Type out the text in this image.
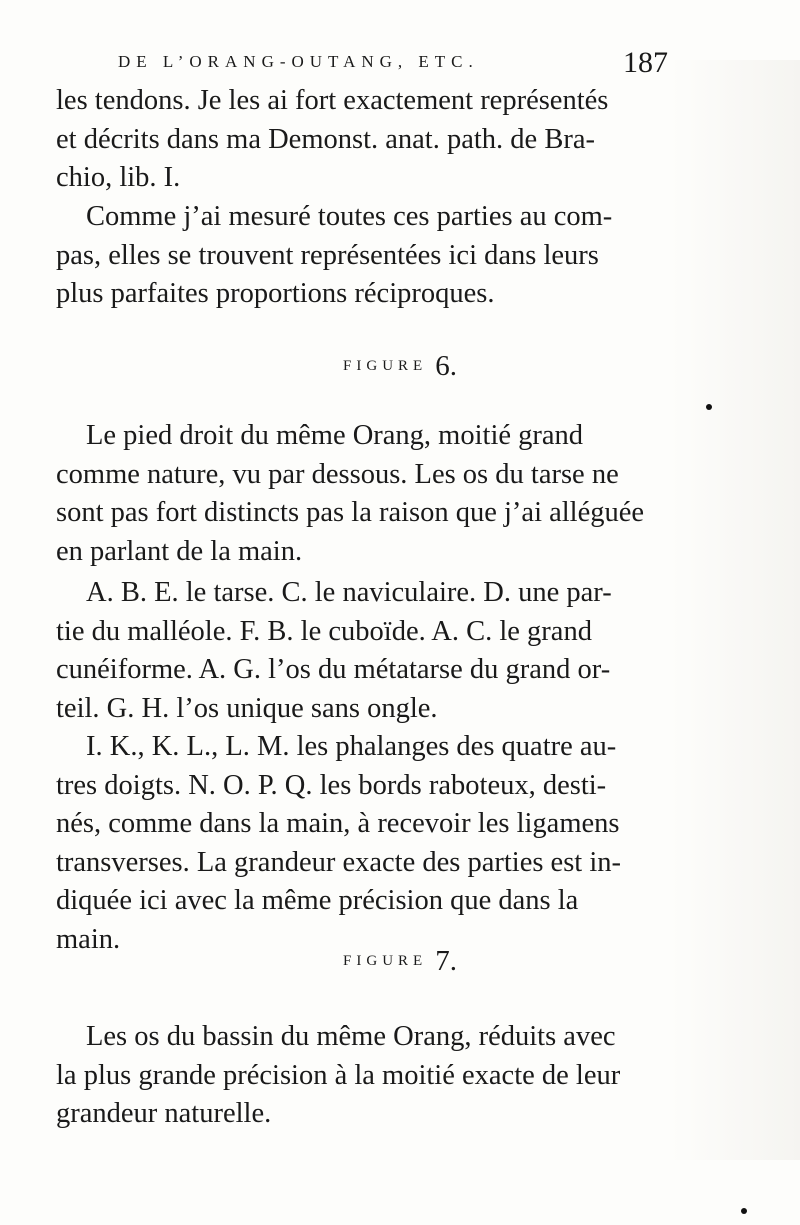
DE L’ORANG-OUTANG, ETC.	187

les tendons. Je les ai fort exactement représentés

et décrits dans ma Demonst. anat. path. de Bra-

chio, lib. I.

Comme j’ai mesuré toutes ces parties au com-

pas, elles se trouvent représentées ici dans leurs

plus parfaites proportions réciproques.

FIGURE 6.

Le pied droit du même Orang, moitié grand

comme nature, vu par dessous. Les os du tarse ne

sont pas fort distincts pas la raison que j’ai alléguée

en parlant de la main.

A. B. E. le tarse. C. le naviculaire. D. une par-

tie du malléole. F. B. le cuboïde. A. C. le grand

cunéiforme. A. G. l’os du métatarse du grand or-

teil. G. H. l’os unique sans ongle.

I. K., K. L., L. M. les phalanges des quatre au-

tres doigts. N. O. P. Q. les bords raboteux, desti-

nés, comme dans la main, à recevoir les ligamens

transverses. La grandeur exacte des parties est in-

diquée ici avec la même précision que dans la

main.

FIGURE 7.

Les os du bassin du même Orang, réduits avec

la plus grande précision à la moitié exacte de leur

grandeur naturelle.
